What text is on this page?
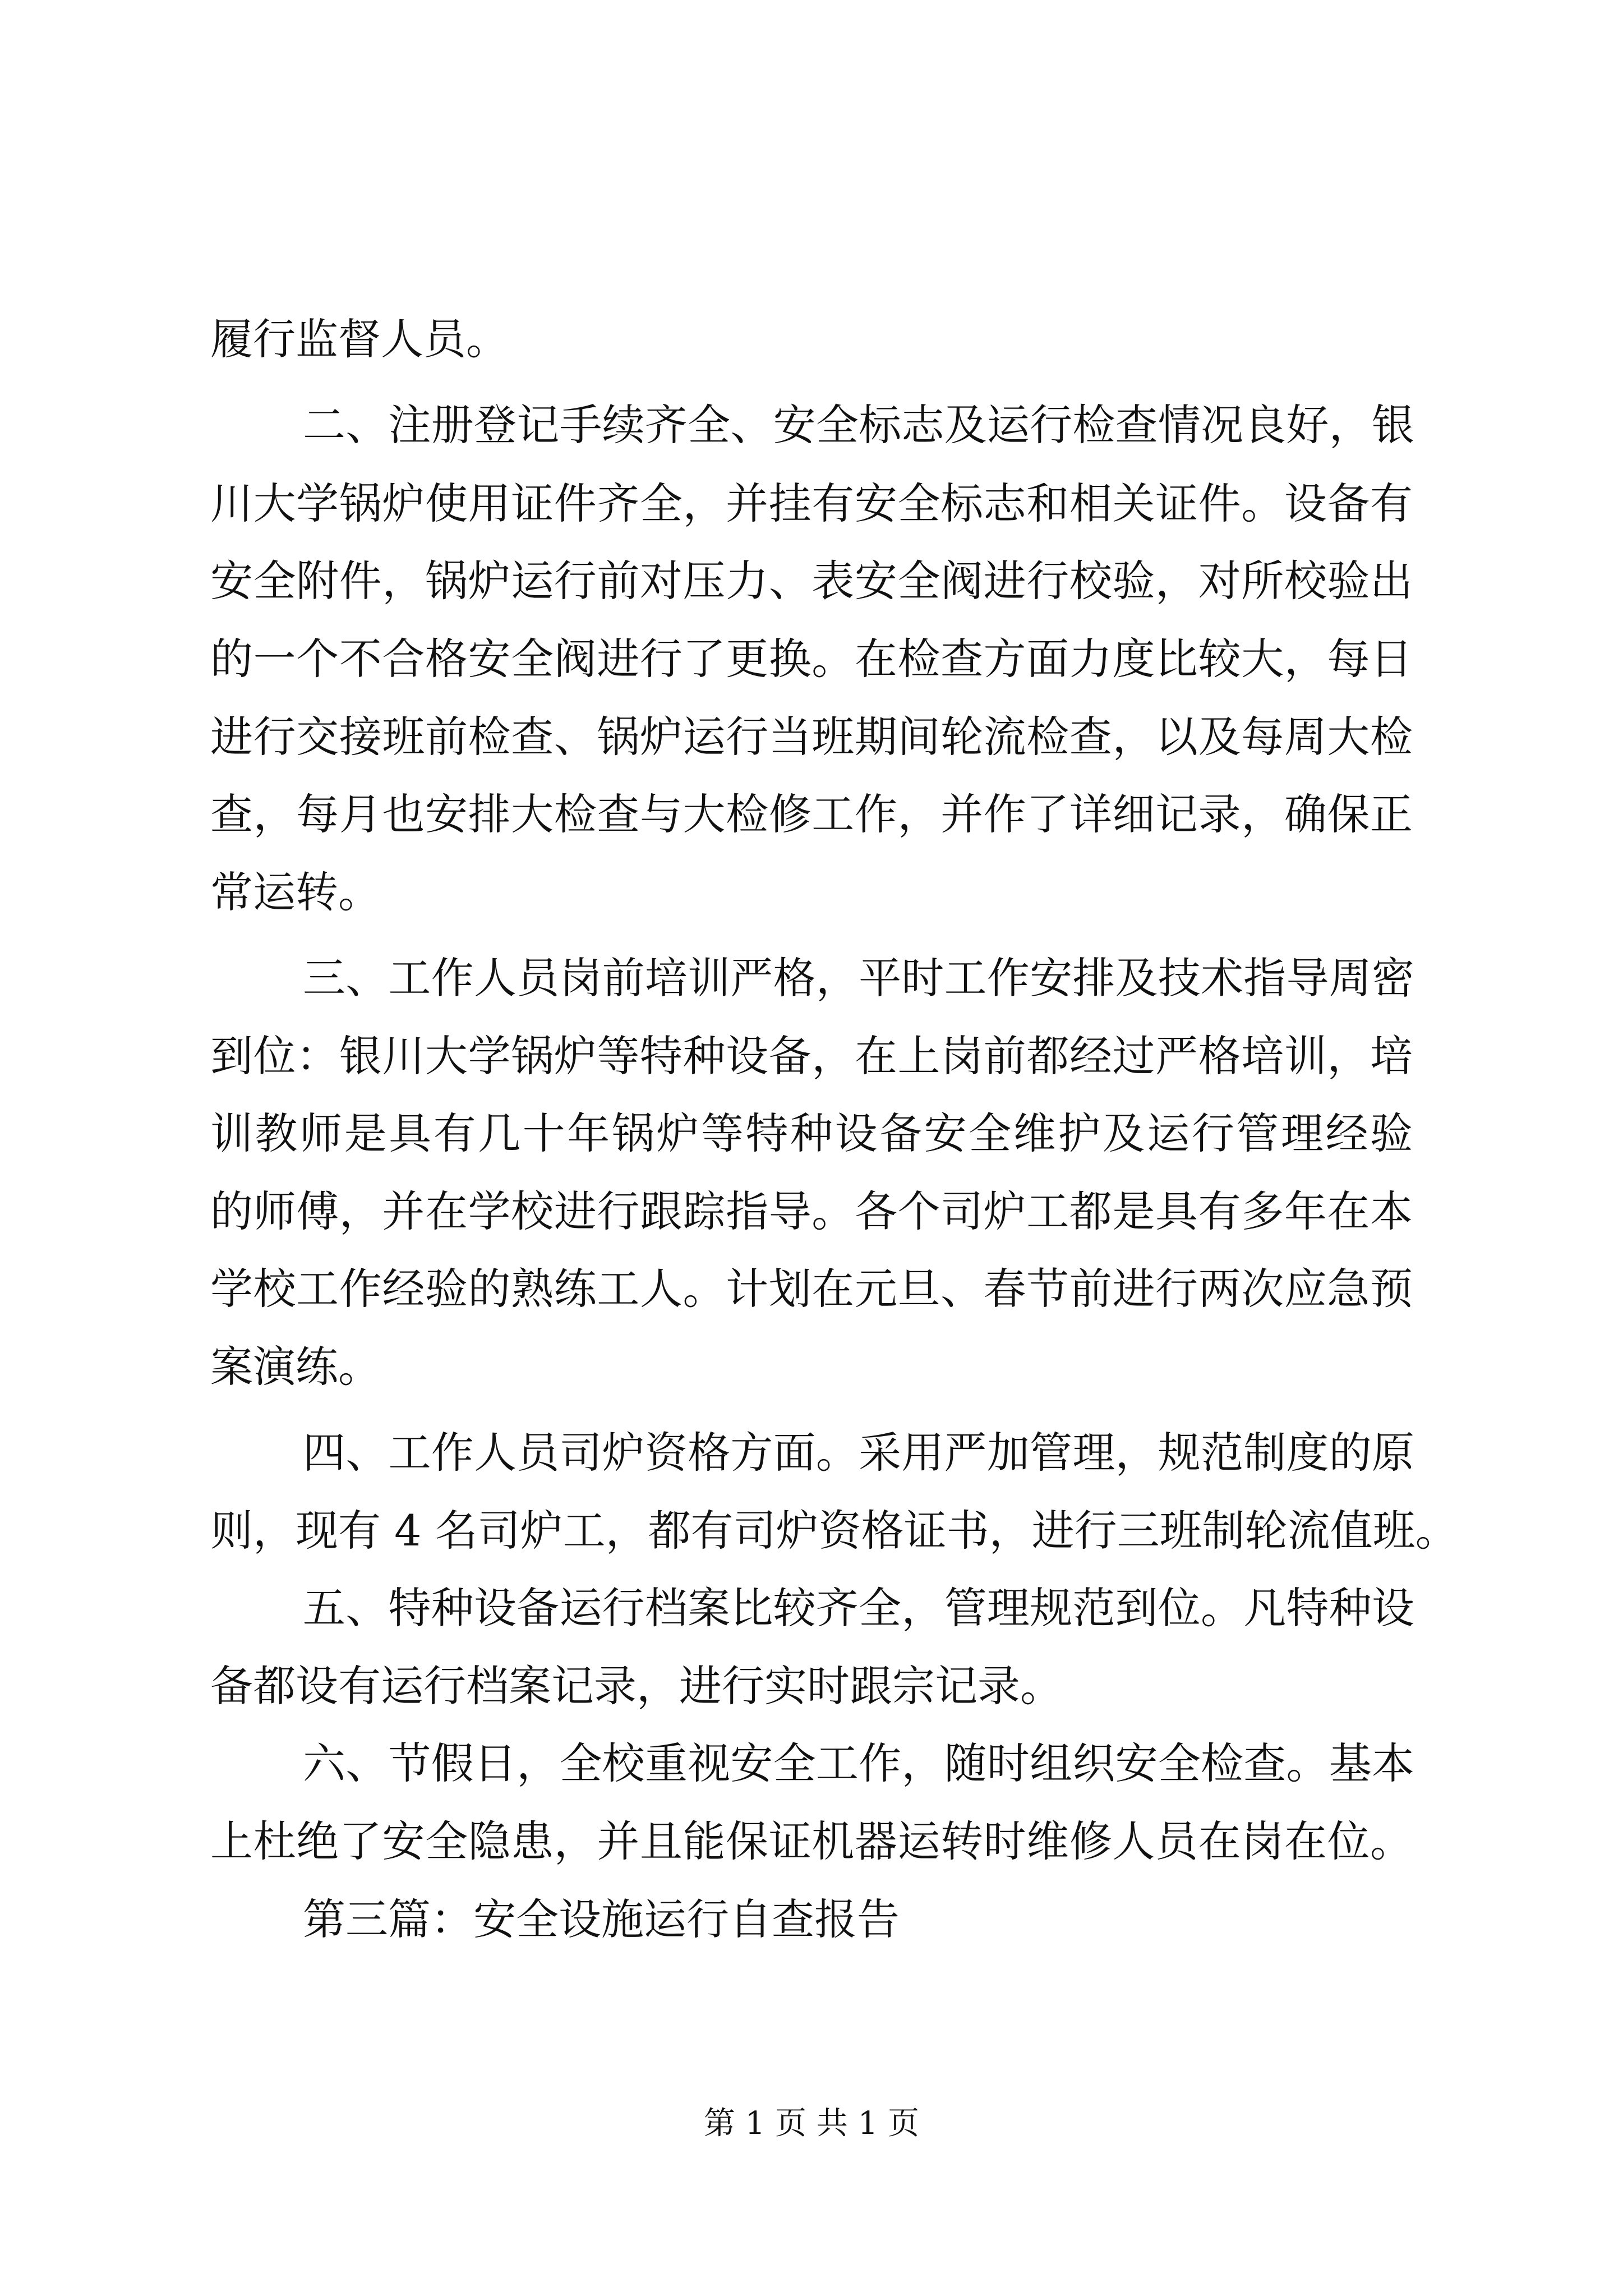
履行监督人员。
二、注册登记手续齐全、安全标志及运行检查情况良好，银
川大学锅炉使用证件齐全，并挂有安全标志和相关证件。设备有
安全附件，锅炉运行前对压力、表安全阀进行校验，对所校验出
的一个不合格安全阀进行了更换。在检查方面力度比较大，每日
进行交接班前检查、锅炉运行当班期间轮流检查，以及每周大检
查，每月也安排大检查与大检修工作，并作了详细记录，确保正
常运转。
三、工作人员岗前培训严格，平时工作安排及技术指导周密
到位：银川大学锅炉等特种设备，在上岗前都经过严格培训，培
训教师是具有几十年锅炉等特种设备安全维护及运行管理经验
的师傅，并在学校进行跟踪指导。各个司炉工都是具有多年在本
学校工作经验的熟练工人。计划在元旦、春节前进行两次应急预
案演练。
四、工作人员司炉资格方面。采用严加管理，规范制度的原
则，现有 4 名司炉工，都有司炉资格证书，进行三班制轮流值班。
五、特种设备运行档案比较齐全，管理规范到位。凡特种设
备都设有运行档案记录，进行实时跟宗记录。
六、节假日，全校重视安全工作，随时组织安全检查。基本
上杜绝了安全隐患，并且能保证机器运转时维修人员在岗在位。
第三篇：安全设施运行自查报告
第 1 页 共 1 页
